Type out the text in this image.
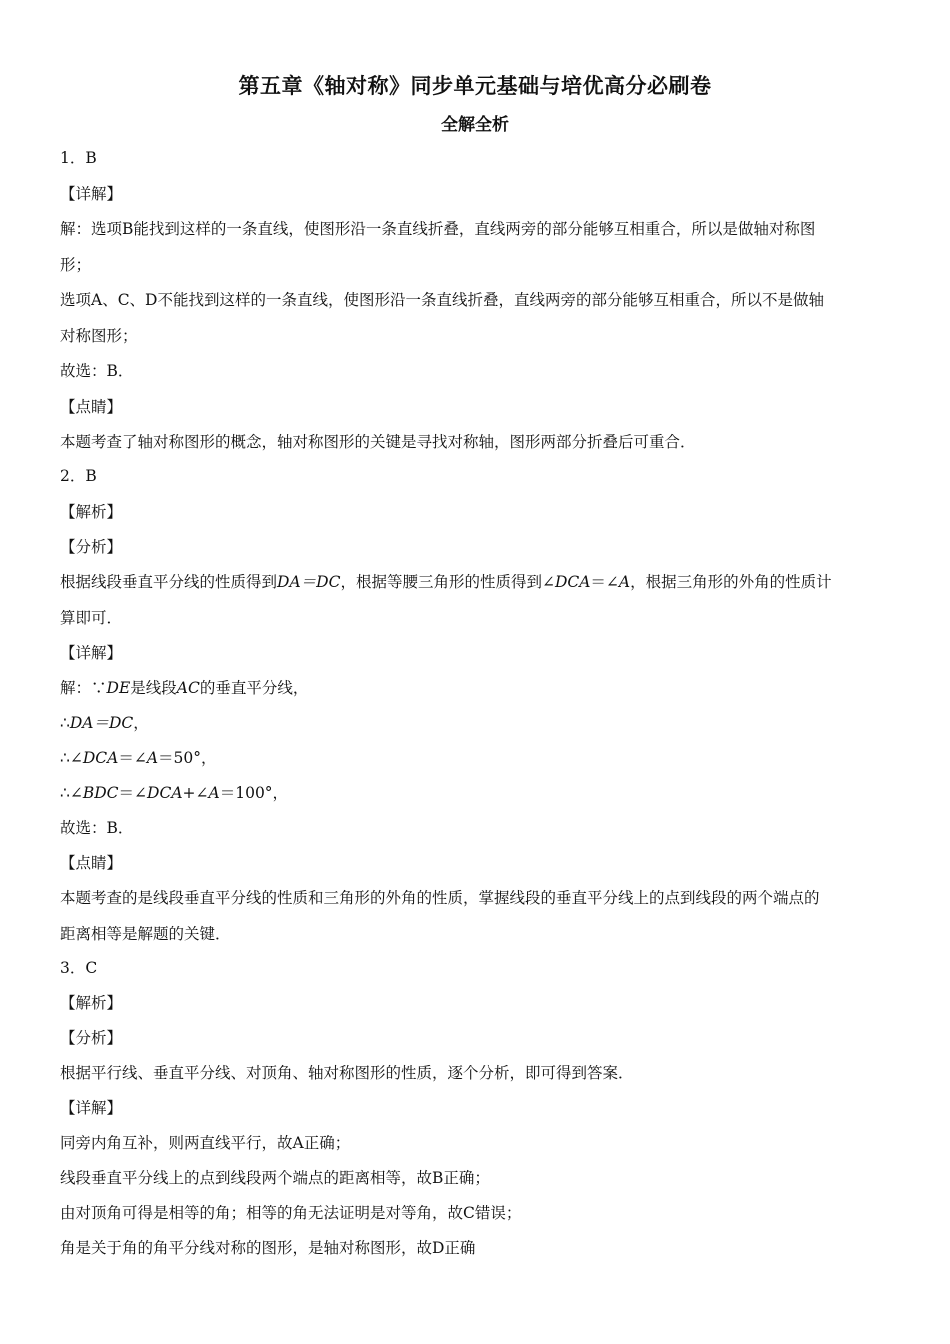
第五章《轴对称》同步单元基础与培优高分必刷卷
全解全析
1．B
【详解】
解：选项B能找到这样的一条直线，使图形沿一条直线折叠，直线两旁的部分能够互相重合，所以是做轴对称图
形；
选项A、C、D不能找到这样的一条直线，使图形沿一条直线折叠，直线两旁的部分能够互相重合，所以不是做轴
对称图形；
故选：B．
【点睛】
本题考查了轴对称图形的概念，轴对称图形的关键是寻找对称轴，图形两部分折叠后可重合．
2．B
【解析】
【分析】
根据线段垂直平分线的性质得到DA＝DC，根据等腰三角形的性质得到∠DCA＝∠A，根据三角形的外角的性质计
算即可．
【详解】
解：∵DE是线段AC的垂直平分线，
∴DA＝DC，
∴∠DCA＝∠A＝50°，
∴∠BDC＝∠DCA+∠A＝100°，
故选：B．
【点睛】
本题考查的是线段垂直平分线的性质和三角形的外角的性质，掌握线段的垂直平分线上的点到线段的两个端点的
距离相等是解题的关键．
3．C
【解析】
【分析】
根据平行线、垂直平分线、对顶角、轴对称图形的性质，逐个分析，即可得到答案．
【详解】
同旁内角互补，则两直线平行，故A正确；
线段垂直平分线上的点到线段两个端点的距离相等，故B正确；
由对顶角可得是相等的角；相等的角无法证明是对等角，故C错误；
角是关于角的角平分线对称的图形，是轴对称图形，故D正确
